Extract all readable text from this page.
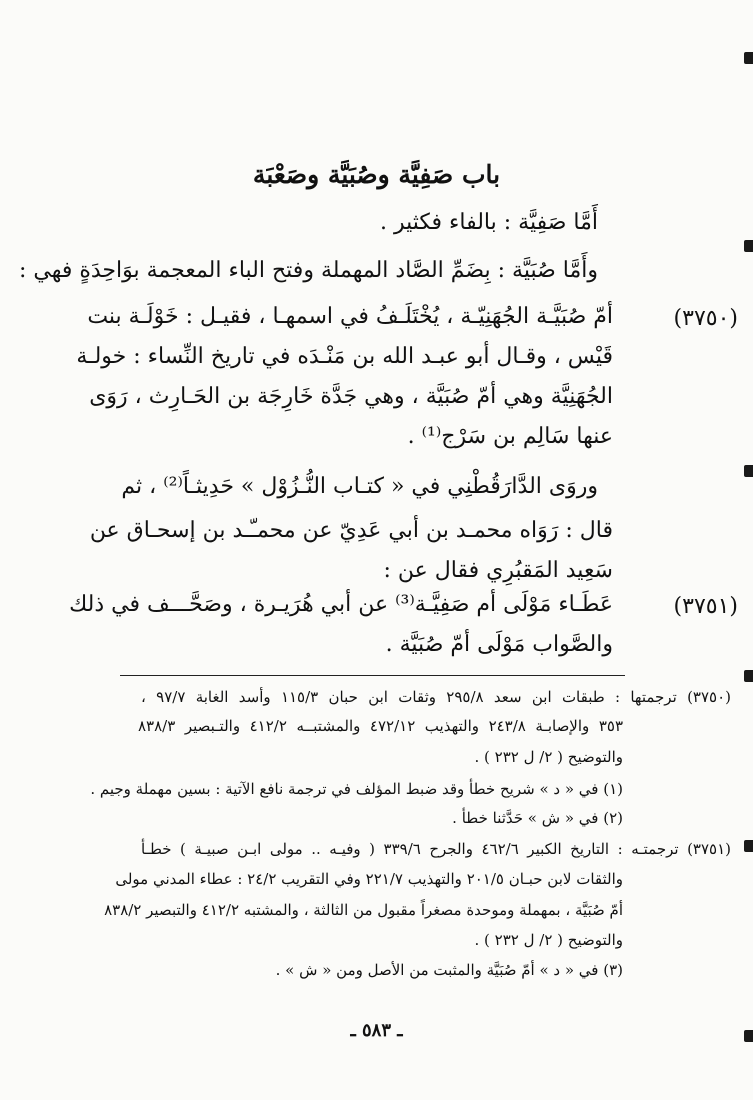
باب صَفِيَّة وصُبَيَّة وصَعْبَة
أَمَّا صَفِيَّة : بالفاء فكثير .
وأَمَّا صُبَيَّة : بِضَمِّ الصَّاد المهملة وفتح الباء المعجمة بوَاحِدَةٍ فهي :
(٣٧٥٠)
أمّ صُبَيَّـة الجُهَنِيّـة ، يُخْتَلَـفُ في اسمهـا ، فقيـل : خَوْلَـة بنت
قَيْس ، وقـال أبو عبـد الله بن مَنْـدَه في تاريخ النِّساء : خولـة
الجُهَنِيَّة وهي أمّ صُبَيَّة ، وهي جَدَّة خَارِجَة بن الحَـارِث ، رَوَى
عنها سَالِم بن سَرْج⁽¹⁾ .
وروَى الدَّارَقُطْنِي في « كتـاب النُّـزُوْل » حَدِيثـاً⁽²⁾ ، ثم
قال : رَوَاه محمـد بن أبي عَدِيّ عن محمـّـد بن إسحـاق عن
سَعِيد المَقبُرِي فقال عن :
(٣٧٥١)
عَطَـاء مَوْلَى أم صَفِيَّـة⁽³⁾ عن أبي هُرَيـرة ، وصَحَّـــف في ذلك
والصَّواب مَوْلَى أمّ صُبَيَّة .
(٣٧٥٠) ترجمتها : طبقات ابن سعد ٢٩٥/٨ وثقات ابن حبان ١١٥/٣ وأسد الغابة ٩٧/٧ ،
٣٥٣ والإصابـة ٢٤٣/٨ والتهذيب ٤٧٢/١٢ والمشتبــه ٤١٢/٢ والتـبصير ٨٣٨/٣
والتوضيح ( ٢/ ل ٢٣٢ ) .
(١) في « د » شريح خطأ وقد ضبط المؤلف في ترجمة نافع الآتية : بسين مهملة وجيم .
(٢) في « ش » حَدَّثنا خطأ .
(٣٧٥١) ترجمتـه : التاريخ الكبير ٤٦٢/٦ والجرح ٣٣٩/٦ ( وفيـه .. مولى ابـن صبيـة ) خطـأ
والثقات لابن حبـان ٢٠١/٥ والتهذيب ٢٢١/٧ وفي التقريب ٢٤/٢ : عطاء المدني مولى
أمّ صُبَيَّة ، بمهملة وموحدة مصغراً مقبول من الثالثة ، والمشتبه ٤١٢/٢ والتبصير ٨٣٨/٢
والتوضيح ( ٢/ ل ٢٣٢ ) .
(٣) في « د » أمّ صُبَيَّة والمثبت من الأصل ومن « ش » .
ـ ٥٨٣ ـ
